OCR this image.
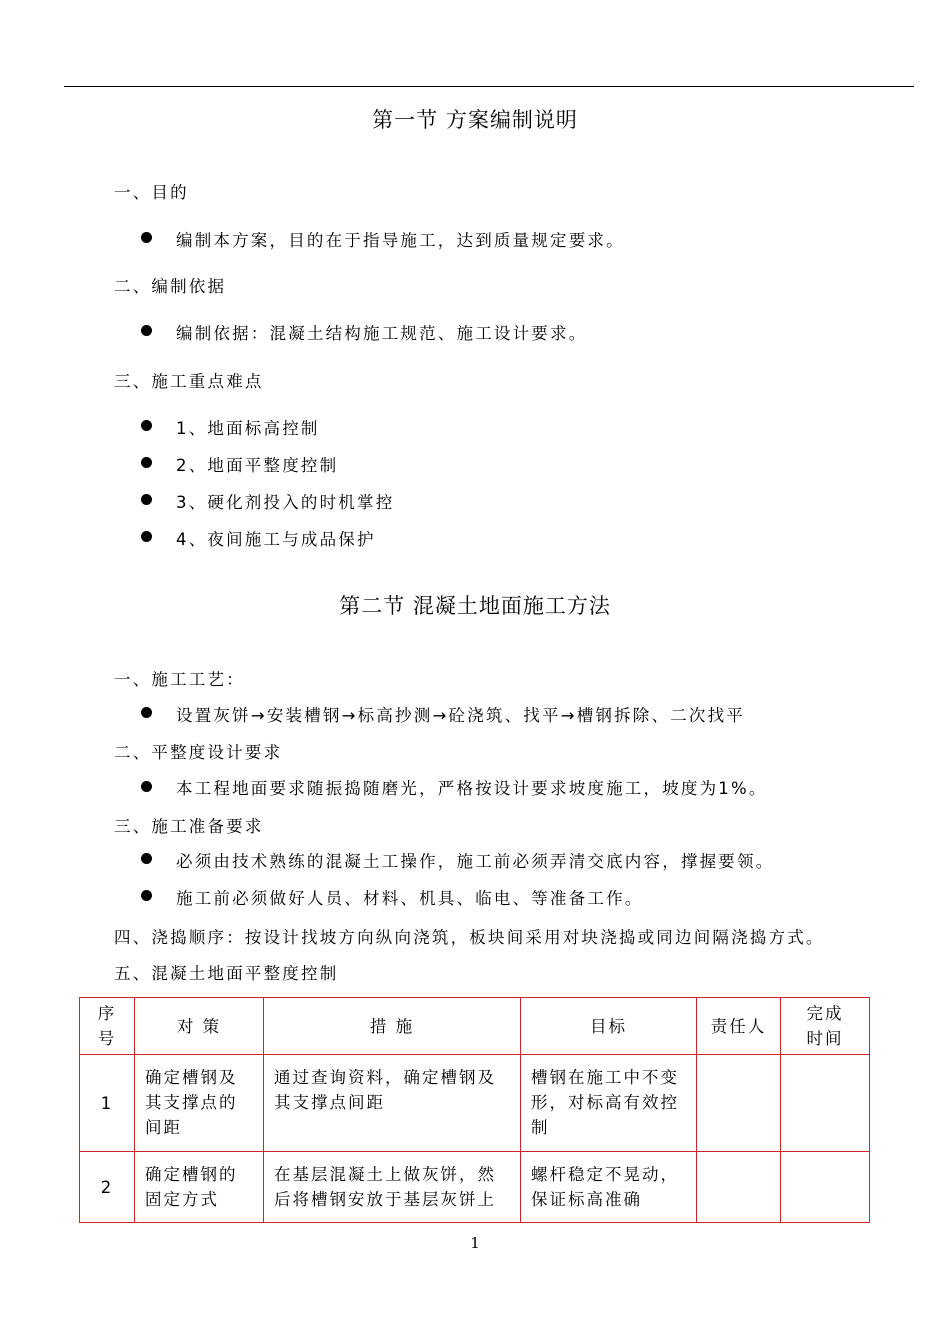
第一节 方案编制说明
一、目的
编制本方案，目的在于指导施工，达到质量规定要求。
二、编制依据
编制依据：混凝土结构施工规范、施工设计要求。
三、施工重点难点
1、地面标高控制
2、地面平整度控制
3、硬化剂投入的时机掌控
4、夜间施工与成品保护
第二节 混凝土地面施工方法
一、施工工艺：
设置灰饼→安装槽钢→标高抄测→砼浇筑、找平→槽钢拆除、二次找平
二、平整度设计要求
本工程地面要求随振捣随磨光，严格按设计要求坡度施工，坡度为1%。
三、施工准备要求
必须由技术熟练的混凝土工操作，施工前必须弄清交底内容，撑握要领。
施工前必须做好人员、材料、机具、临电、等准备工作。
四、浇捣顺序：按设计找坡方向纵向浇筑，板块间采用对块浇捣或同边间隔浇捣方式。
五、混凝土地面平整度控制
序号	对 策	措 施	目标	责任人	完成时间
1	确定槽钢及其支撑点的间距	通过查询资料，确定槽钢及其支撑点间距	槽钢在施工中不变形，对标高有效控制		
2	确定槽钢的固定方式	在基层混凝土上做灰饼，然后将槽钢安放于基层灰饼上	螺杆稳定不晃动，保证标高准确		
1
